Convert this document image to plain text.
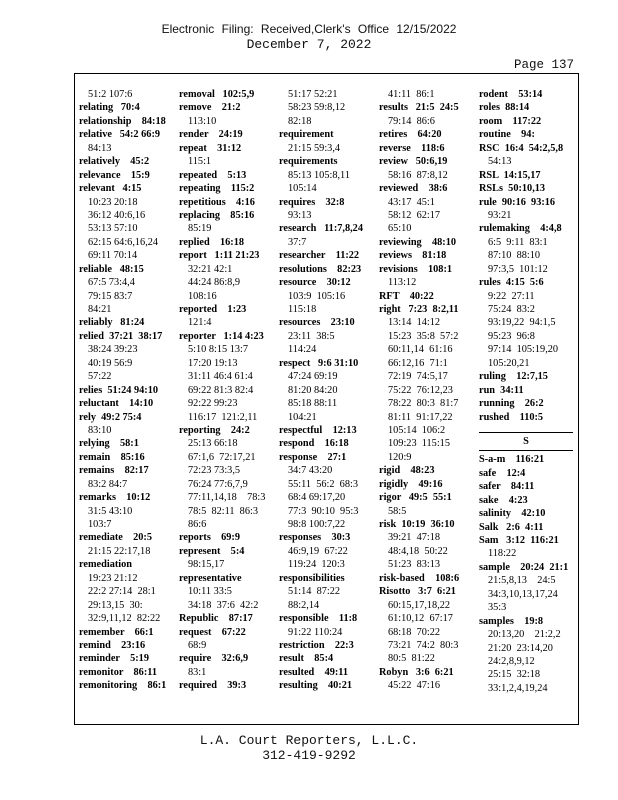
Electronic Filing: Received,Clerk's Office 12/15/2022
December 7, 2022
Page 137
51:2 107:6
relating   70:4
relationship    84:18
relative   54:2 66:9
84:13
relatively    45:2
relevance    15:9
relevant   4:15
10:23 20:18
36:12 40:6,16
53:13 57:10
62:15 64:6,16,24
69:11 70:14
reliable   48:15
67:5 73:4,4
79:15 83:7
84:21
reliably   81:24
relied  37:21  38:17
38:24 39:23
40:19 56:9
57:22
relies  51:24 94:10
reluctant    14:10
rely  49:2 75:4
83:10
relying    58:1
remain    85:16
remains    82:17
83:2 84:7
remarks    10:12
31:5 43:10
103:7
remediate    20:5
21:15 22:17,18
remediation
19:23 21:12
22:2 27:14  28:1
29:13,15  30:
32:9,11,12  82:22
remember    66:1
remind    23:16
reminder    5:19
remonitor    86:11
remonitoring    86:1
removal   102:5,9
remove    21:2
113:10
render    24:19
repeat    31:12
115:1
repeated    5:13
repeating    115:2
repetitious    4:16
replacing    85:16
85:19
replied    16:18
report   1:11 21:23
32:21 42:1
44:24 86:8,9
108:16
reported    1:23
121:4
reporter   1:14 4:23
5:10 8:15 13:7
17:20 19:13
31:11 46:4 61:4
69:22 81:3 82:4
92:22 99:23
116:17  121:2,11
reporting    24:2
25:13 66:18
67:1,6  72:17,21
72:23 73:3,5
76:24 77:6,7,9
77:11,14,18    78:3
78:5  82:11  86:3
86:6
reports    69:9
represent    5:4
98:15,17
representative
10:11 33:5
34:18  37:6  42:2
Republic    87:17
request    67:22
68:9
require    32:6,9
83:1
required    39:3
51:17 52:21
58:23 59:8,12
82:18
requirement
21:15 59:3,4
requirements
85:13 105:8,11
105:14
requires    32:8
93:13
research   11:7,8,24
37:7
researcher    11:22
resolutions    82:23
resource    30:12
103:9  105:16
115:18
resources    23:10
23:11  38:5
114:24
respect   9:6 31:10
47:24 69:19
81:20 84:20
85:18 88:11
104:21
respectful    12:13
respond    16:18
response    27:1
34:7 43:20
55:11  56:2  68:3
68:4 69:17,20
77:3  90:10  95:3
98:8 100:7,22
responses    30:3
46:9,19  67:22
119:24  120:3
responsibilities
51:14  87:22
88:2,14
responsible    11:8
91:22 110:24
restriction    22:3
result    85:4
resulted    49:11
resulting    40:21
41:11  86:1
results   21:5  24:5
79:14  86:6
retires    64:20
reverse    118:6
review   50:6,19
58:16  87:8,12
reviewed    38:6
43:17  45:1
58:12  62:17
65:10
reviewing    48:10
reviews    81:18
revisions    108:1
113:12
RFT    40:22
right   7:23  8:2,11
13:14  14:12
15:23  35:8  57:2
60:11,14  61:16
66:12,16  71:1
72:19  74:5,17
75:22  76:12,23
78:22  80:3  81:7
81:11  91:17,22
105:14  106:2
109:23  115:15
120:9
rigid    48:23
rigidly    49:16
rigor   49:5  55:1
58:5
risk  10:19  36:10
39:21  47:18
48:4,18  50:22
51:23  83:13
risk-based    108:6
Risotto   3:7  6:21
60:15,17,18,22
61:10,12  67:17
68:18  70:22
73:21  74:2  80:3
80:5  81:22
Robyn   3:6  6:21
45:22  47:16
rodent    53:14
roles  88:14
room    117:22
routine    94:
RSC  16:4  54:2,5,8
54:13
RSL  14:15,17
RSLs  50:10,13
rule  90:16  93:16
93:21
rulemaking    4:4,8
6:5  9:11  83:1
87:10  88:10
97:3,5  101:12
rules  4:15  5:6
9:22  27:11
75:24  83:2
93:19,22  94:1,5
95:23  96:8
97:14  105:19,20
105:20,21
ruling    12:7,15
run  34:11
running    26:2
rushed    110:5
S
S-a-m    116:21
safe    12:4
safer    84:11
sake    4:23
salinity    42:10
Salk   2:6  4:11
Sam   3:12  116:21
118:22
sample    20:24  21:1
21:5,8,13    24:5
34:3,10,13,17,24
35:3
samples    19:8
20:13,20    21:2,2
21:20  23:14,20
24:2,8,9,12
25:15  32:18
33:1,2,4,19,24
L.A. Court Reporters, L.L.C.
312-419-9292
